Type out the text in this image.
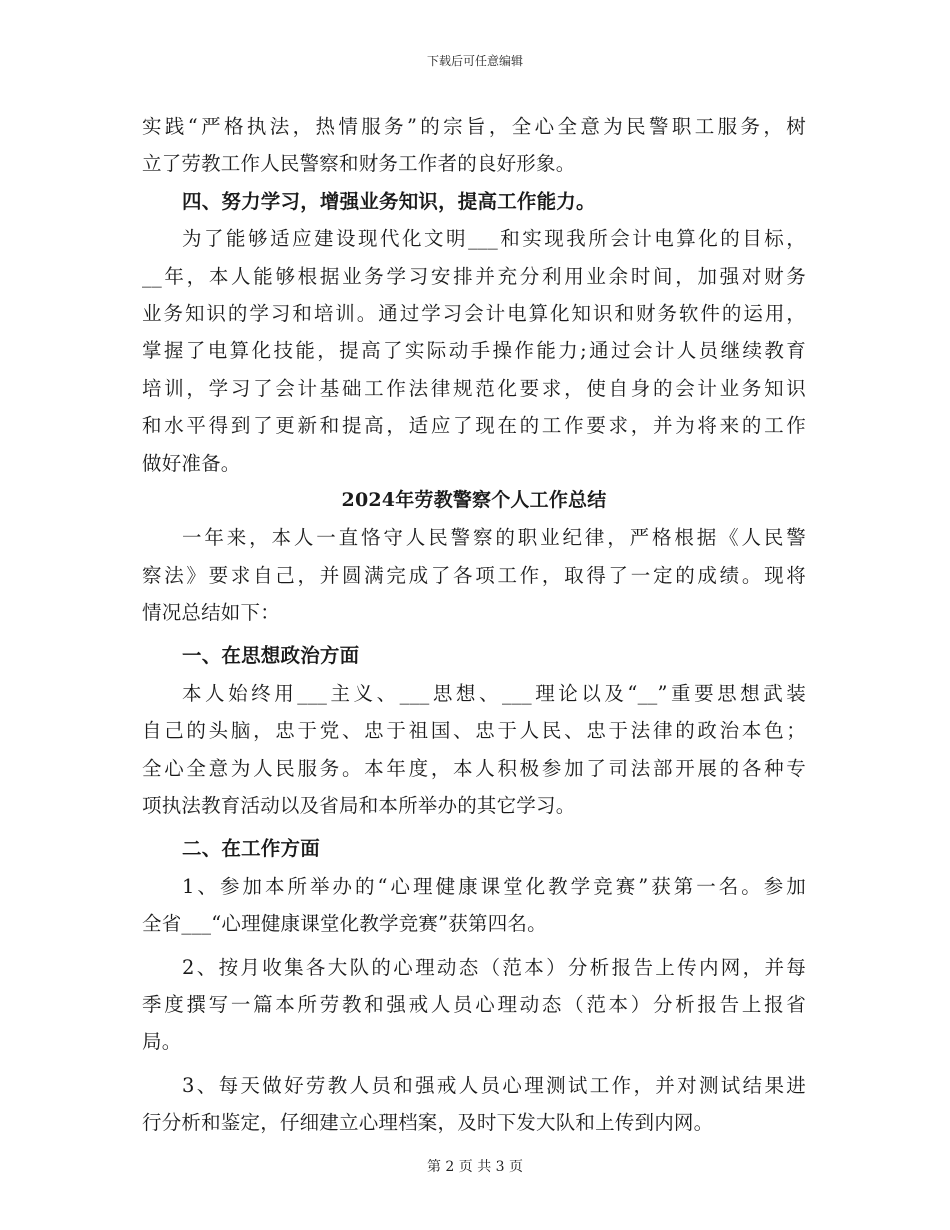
下载后可任意编辑
实践“严格执法，热情服务”的宗旨，全心全意为民警职工服务，树
立了劳教工作人民警察和财务工作者的良好形象。
四、努力学习，增强业务知识，提高工作能力。
为了能够适应建设现代化文明___和实现我所会计电算化的目标，
__年，本人能够根据业务学习安排并充分利用业余时间，加强对财务
业务知识的学习和培训。通过学习会计电算化知识和财务软件的运用，
掌握了电算化技能，提高了实际动手操作能力;通过会计人员继续教育
培训，学习了会计基础工作法律规范化要求，使自身的会计业务知识
和水平得到了更新和提高，适应了现在的工作要求，并为将来的工作
做好准备。
2024年劳教警察个人工作总结
一年来，本人一直恪守人民警察的职业纪律，严格根据《人民警
察法》要求自己，并圆满完成了各项工作，取得了一定的成绩。现将
情况总结如下：
一、在思想政治方面
本人始终用___主义、___思想、___理论以及“__”重要思想武装
自己的头脑，忠于党、忠于祖国、忠于人民、忠于法律的政治本色；
全心全意为人民服务。本年度，本人积极参加了司法部开展的各种专
项执法教育活动以及省局和本所举办的其它学习。
二、在工作方面
1、参加本所举办的“心理健康课堂化教学竞赛”获第一名。参加
全省___“心理健康课堂化教学竞赛”获第四名。
2、按月收集各大队的心理动态（范本）分析报告上传内网，并每
季度撰写一篇本所劳教和强戒人员心理动态（范本）分析报告上报省
局。
3、每天做好劳教人员和强戒人员心理测试工作，并对测试结果进
行分析和鉴定，仔细建立心理档案，及时下发大队和上传到内网。
第 2 页 共 3 页
